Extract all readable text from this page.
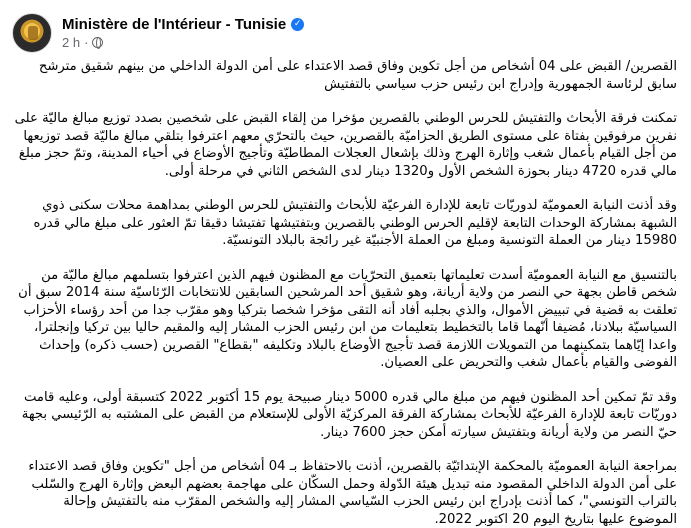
Ministère de l'Intérieur - Tunisie ✓
2 h ·

القصرين/ القبض على 04 أشخاص من أجل تكوين وفاق قصد الاعتداء على أمن الدولة الداخلي من بينهم شقيق مترشح سابق لرئاسة الجمهورية وإدراج ابن رئيس حزب سياسي بالتفتيش

تمكنت فرقة الأبحاث والتفتيش للحرس الوطني بالقصرين مؤخرا من إلقاء القبض على شخصين بصدد توزيع مبالغ ماليّة على نفرين مرفوقين بفتاة على مستوى الطريق الحزاميّة بالقصرين، حيث بالتحرّي معهم اعترفوا بتلقي مبالغ ماليّة قصد توزيعها من أجل القيام بأعمال شغب وإثارة الهرج وذلك بإشعال العجلات المطاطيّة وتأجيج الأوضاع في أحياء المدينة، وتمّ حجز مبلغ مالي قدره 4720 دينار بحوزة الشخص الأول و1320 دينار لدى الشخص الثاني في مرحلة أولى.

وقد أذنت النيابة العموميّة لدوريّات تابعة للإدارة الفرعيّة للأبحاث والتفتيش للحرس الوطني بمداهمة محلات سكنى ذوي الشبهة بمشاركة الوحدات التابعة لإقليم الحرس الوطني بالقصرين وبتفتيشها تفتيشا دقيقا تمّ العثور على مبلغ مالي قدره 15980 دينار من العملة التونسية ومبلغ من العملة الأجنبيّة غير رائجة بالبلاد التونسيّة.

بالتنسيق مع النيابة العموميّة أسدت تعليماتها بتعميق التحرّيات مع المظنون فيهم الذين اعترفوا بتسلمهم مبالغ ماليّة من شخص قاطن بجهة حي النصر من ولاية أريانة، وهو شقيق أحد المرشحين السابقين للانتخابات الرّئاسيّة سنة 2014 سبق أن تعلقت به قضية في تبييض الأموال، والذي بجلبه أفاد أنه التقى مؤخرا شخصا بتركيا وهو مقرّب جدا من أحد رؤساء الأحزاب السياسيّة ببلادنا، مُضيفا أنّهما قاما بالتخطيط بتعليمات من ابن رئيس الحزب المشار إليه والمقيم حاليا بين تركيا وإنجلترا، واعدا إيّاهما بتمكينهما من التمويلات اللازمة قصد تأجيج الأوضاع بالبلاد وتكليفه "بقطاع" القصرين (حسب ذكره) وإحداث الفوضى والقيام بأعمال شغب والتحريض على العصيان.

وقد تمّ تمكين أحد المظنون فيهم من مبلغ مالي قدره 5000 دينار صبيحة يوم 15 أكتوبر 2022 كتسبقة أولى، وعليه قامت دوريّات تابعة للإدارة الفرعيّة للأبحاث بمشاركة الفرقة المركزيّة الأولى للإستعلام من القبض على المشتبه به الرّئيسي بجهة حيّ النصر من ولاية أريانة وبتفتيش سيارته أمكن حجز 7600 دينار.

بمراجعة النيابة العموميّة بالمحكمة الإبتدائيّة بالقصرين، أذنت بالاحتفاظ بـ 04 أشخاص من أجل "تكوين وفاق قصد الاعتداء على أمن الدولة الداخلي المقصود منه تبديل هيئة الدّولة وحمل السكّان على مهاجمة بعضهم البعض وإثارة الهرج والسّلب بالتراب التونسي"، كما أذنت بإدراج ابن رئيس الحزب السّياسي المشار إليه والشخص المقرّب منه بالتفتيش وإحالة الموضوع عليها بتاريخ اليوم 20 اكتوبر 2022.
